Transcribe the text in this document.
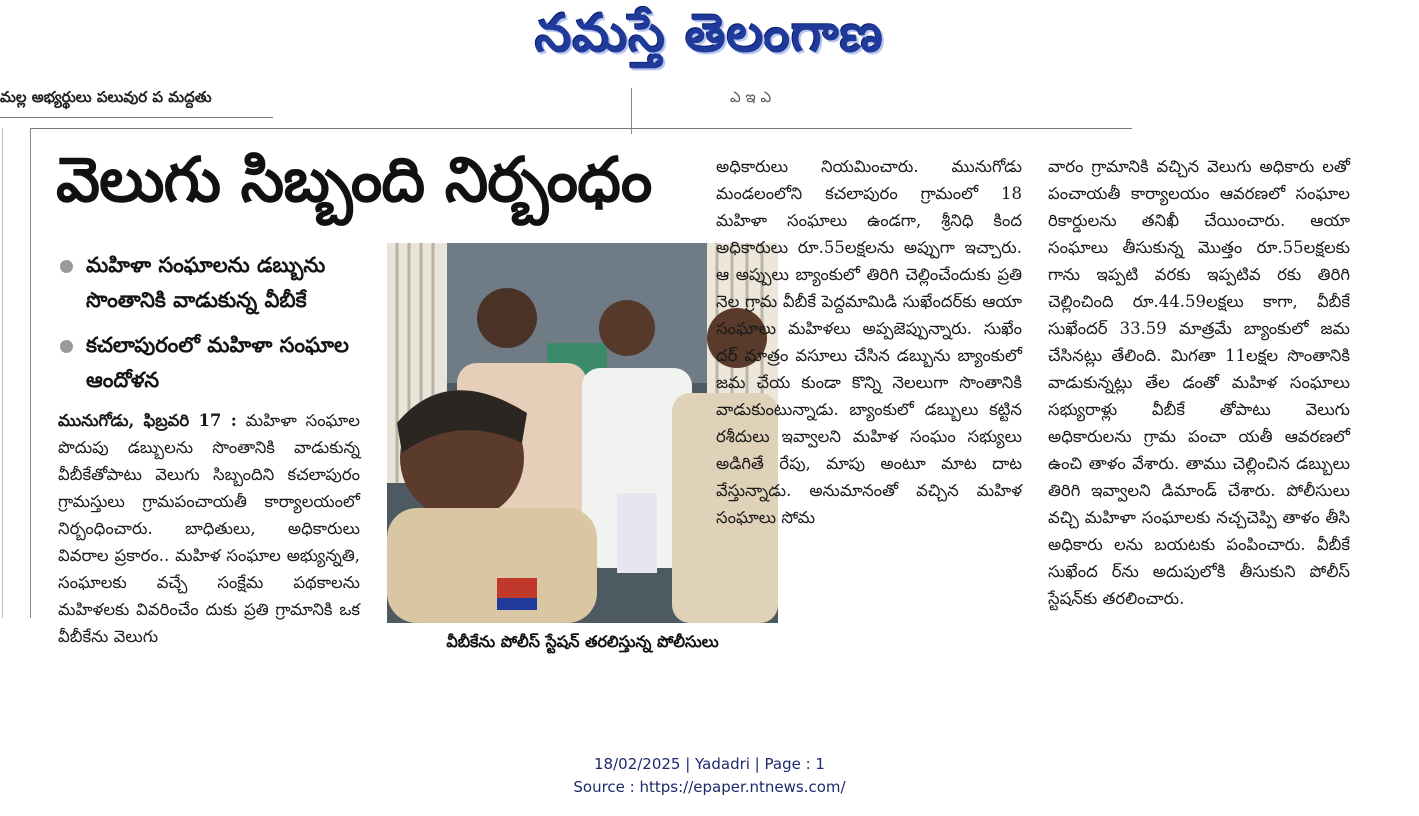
నమస్తే తెలంగాణ
మల్ల అభ్యర్థులు పలువుర ప మద్దతు	ఎ ఇ ఎ
వెలుగు సిబ్బంది నిర్బంధం
మహిళా సంఘాలను డబ్బును సొంతానికి వాడుకున్న వీబీకే
కచలాపురంలో మహిళా సంఘాల ఆందోళన
మునుగోడు, ఫిబ్రవరి 17 : మహిళా సంఘాల పొదుపు డబ్బులను సొంతానికి వాడుకున్న వీబీకేతోపాటు వెలుగు సిబ్బందిని కచలాపురం గ్రామస్తులు గ్రామపంచాయతీ కార్యాలయంలో నిర్బంధించారు. బాధితులు, అధికారులు వివరాల ప్రకారం.. మహిళ సంఘాల అభ్యున్నతి, సంఘాలకు వచ్చే సంక్షేమ పథకాలను మహిళలకు వివరించేం దుకు ప్రతి గ్రామానికి ఒక వీబీకేను వెలుగు	వీబీకేను పోలీస్ స్టేషన్ తరలిస్తున్న పోలీసులు
అధికారులు నియమించారు. మునుగోడు మండలంలోని కచలాపురం గ్రామంలో 18 మహిళా సంఘాలు ఉండగా, శ్రీనిధి కింద అధికారులు రూ.55లక్షలను అప్పుగా ఇచ్చారు. ఆ అప్పులు బ్యాంకులో తిరిగి చెల్లించేందుకు ప్రతి నెల గ్రామ వీబీకే పెద్దమామిడి సుఖేందర్‌కు ఆయా సంఘాలు మహిళలు అప్పజెప్పున్నారు. సుఖేం దర్ మాత్రం వసూలు చేసిన డబ్బును బ్యాంకులో జమ చేయ కుండా కొన్ని నెలలుగా సొంతానికి వాడుకుంటున్నాడు. బ్యాంకులో డబ్బులు కట్టిన రశీదులు ఇవ్వాలని మహిళ సంఘం సభ్యులు అడిగితే రేపు, మాపు అంటూ మాట దాట వేస్తున్నాడు. అనుమానంతో వచ్చిన మహిళ సంఘాలు సోమ
వారం గ్రామానికి వచ్చిన వెలుగు అధికారు లతో పంచాయతీ కార్యాలయం ఆవరణలో సంఘాల రికార్డులను తనిఖీ చేయించారు. ఆయా సంఘాలు తీసుకున్న మొత్తం రూ.55లక్షలకు గాను ఇప్పటి వరకు ఇప్పటివ రకు తిరిగి చెల్లించింది రూ.44.59లక్షలు కాగా, వీబీకే సుఖేందర్ 33.59 మాత్రమే బ్యాంకులో జమ చేసినట్లు తేలింది. మిగతా 11లక్షల సొంతానికి వాడుకున్నట్లు తేల డంతో మహిళ సంఘాలు సభ్యురాళ్లు వీబీకే తోపాటు వెలుగు అధికారులను గ్రామ పంచా యతీ ఆవరణలో ఉంచి తాళం వేశారు. తాము చెల్లించిన డబ్బులు తిరిగి ఇవ్వాలని డిమాండ్ చేశారు. పోలీసులు వచ్చి మహిళా సంఘాలకు నచ్చచెప్పి తాళం తీసి అధికారు లను బయటకు పంపించారు. వీబీకే సుఖేంద ర్‌ను అదుపులోకి తీసుకుని పోలీస్ స్టేషన్‌కు తరలించారు.
18/02/2025 | Yadadri | Page : 1
Source : https://epaper.ntnews.com/
